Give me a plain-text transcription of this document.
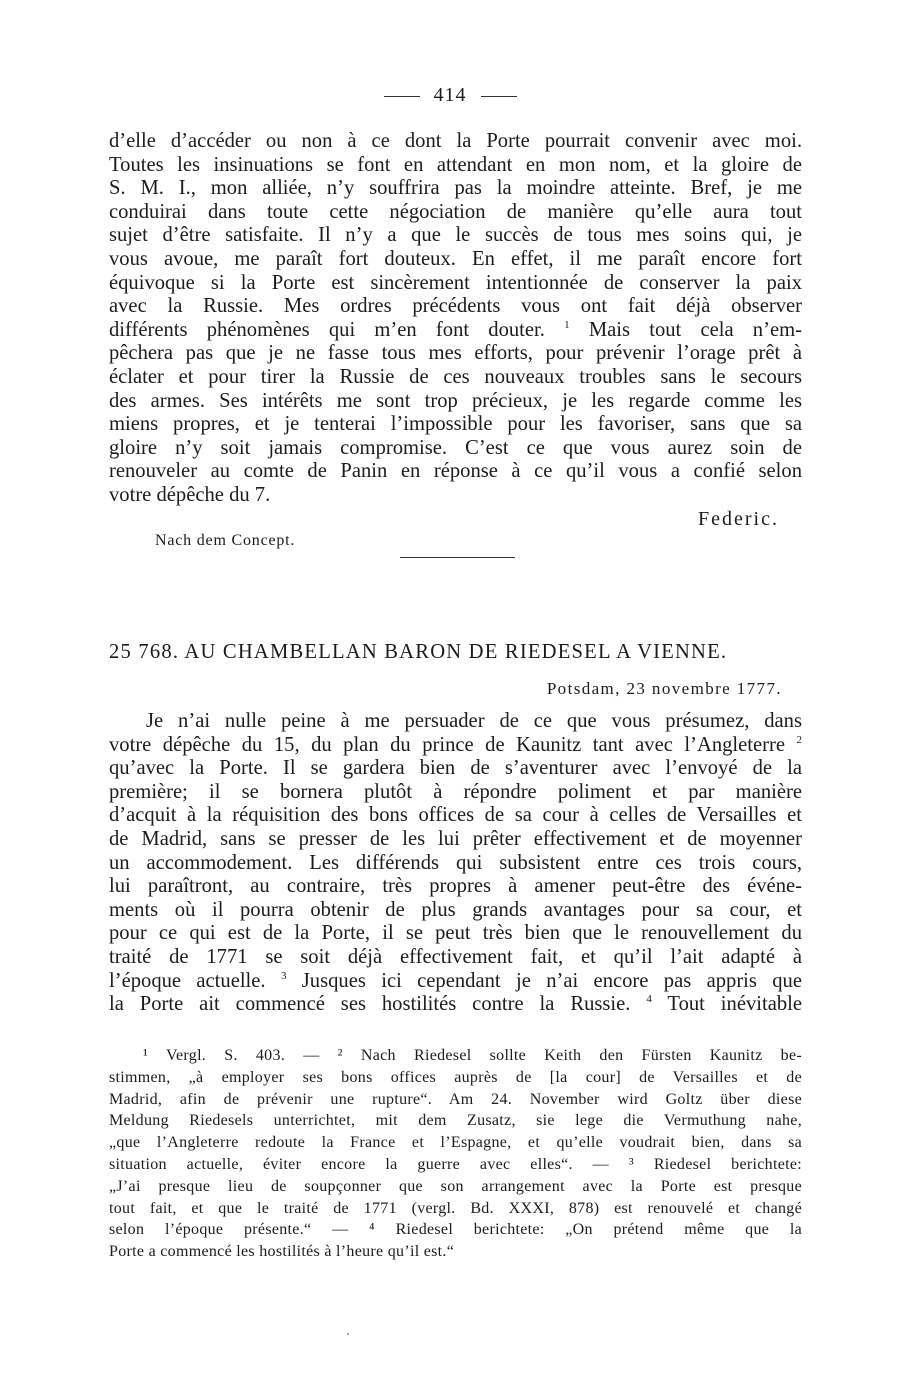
414
d’elle d’accéder ou non à ce dont la Porte pourrait convenir avec moi.
Toutes les insinuations se font en attendant en mon nom, et la gloire de
S. M. I., mon alliée, n’y souffrira pas la moindre atteinte. Bref, je me
conduirai dans toute cette négociation de manière qu’elle aura tout
sujet d’être satisfaite. Il n’y a que le succès de tous mes soins qui, je
vous avoue, me paraît fort douteux. En effet, il me paraît encore fort
équivoque si la Porte est sincèrement intentionnée de conserver la paix
avec la Russie. Mes ordres précédents vous ont fait déjà observer
différents phénomènes qui m’en font douter. $^1$ Mais tout cela n’em-
pêchera pas que je ne fasse tous mes efforts, pour prévenir l’orage prêt à
éclater et pour tirer la Russie de ces nouveaux troubles sans le secours
des armes. Ses intérêts me sont trop précieux, je les regarde comme les
miens propres, et je tenterai l’impossible pour les favoriser, sans que sa
gloire n’y soit jamais compromise. C’est ce que vous aurez soin de
renouveler au comte de Panin en réponse à ce qu’il vous a confié selon
votre dépêche du 7.
Federic.
Nach dem Concept.
25 768. AU CHAMBELLAN BARON DE RIEDESEL A VIENNE.
Potsdam, 23 novembre 1777.
Je n’ai nulle peine à me persuader de ce que vous présumez, dans
votre dépêche du 15, du plan du prince de Kaunitz tant avec l’Angleterre $^2$
qu’avec la Porte. Il se gardera bien de s’aventurer avec l’envoyé de la
première; il se bornera plutôt à répondre poliment et par manière
d’acquit à la réquisition des bons offices de sa cour à celles de Versailles et
de Madrid, sans se presser de les lui prêter effectivement et de moyenner
un accommodement. Les différends qui subsistent entre ces trois cours,
lui paraîtront, au contraire, très propres à amener peut-être des événe-
ments où il pourra obtenir de plus grands avantages pour sa cour, et
pour ce qui est de la Porte, il se peut très bien que le renouvellement du
traité de 1771 se soit déjà effectivement fait, et qu’il l’ait adapté à
l’époque actuelle. $^3$ Jusques ici cependant je n’ai encore pas appris que
la Porte ait commencé ses hostilités contre la Russie. $^4$ Tout inévitable
¹ Vergl. S. 403. — ² Nach Riedesel sollte Keith den Fürsten Kaunitz be-
stimmen, „à employer ses bons offices auprès de [la cour] de Versailles et de
Madrid, afin de prévenir une rupture“. Am 24. November wird Goltz über diese
Meldung Riedesels unterrichtet, mit dem Zusatz, sie lege die Vermuthung nahe,
„que l’Angleterre redoute la France et l’Espagne, et qu’elle voudrait bien, dans sa
situation actuelle, éviter encore la guerre avec elles“. — ³ Riedesel berichtete:
„J’ai presque lieu de soupçonner que son arrangement avec la Porte est presque
tout fait, et que le traité de 1771 (vergl. Bd. XXXI, 878) est renouvelé et changé
selon l’époque présente.“ — ⁴ Riedesel berichtete: „On prétend même que la
Porte a commencé les hostilités à l’heure qu’il est.“
